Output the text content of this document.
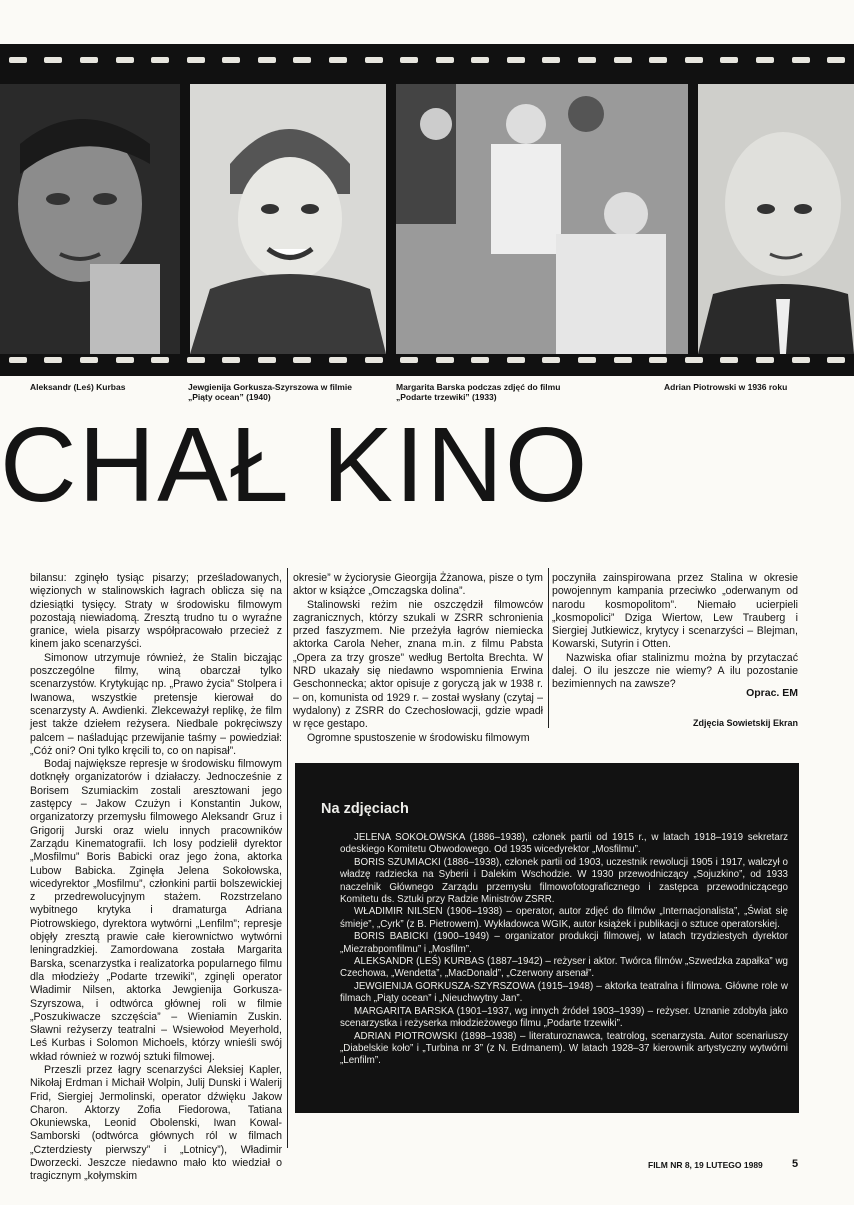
Aleksandr (Leś) Kurbas	Jewgienija Gorkusza-Szyrszowa w filmie
„Piąty ocean” (1940)
Margarita Barska podczas zdjęć do filmu
„Podarte trzewiki” (1933)
Adrian Piotrowski w 1936 roku
CHAŁ KINO

bilansu: zginęło tysiąc pisarzy; prześladowanych, więzionych w stalinowskich łagrach oblicza się na dziesiątki tysięcy. Straty w środowisku filmowym pozostają niewiadomą. Zresztą trudno tu o wyraźne granice, wiela pisarzy współpracowało przecież z kinem jako scenarzyści.

Simonow utrzymuje również, że Stalin bicząjąc poszczególne filmy, winą obarczał tylko scenarzystów. Krytykując np. „Prawo życia” Stolpera i Iwanowa, wszystkie pretensje kierował do scenarzysty A. Awdienki. Zlekceważył replikę, że film jest także dziełem reżysera. Niedbale pokręciwszy palcem – naśladując przewijanie taśmy – powiedział: „Cóż oni? Oni tylko kręcili to, co on napisał”.

Bodaj największe represje w środowisku filmowym dotknęły organizatorów i działaczy. Jednocześnie z Borisem Szumiackim zostali aresztowani jego zastępcy – Jakow Czużyn i Konstantin Jukow, organizatorzy przemysłu filmowego Aleksandr Gruz i Grigorij Jurski oraz wielu innych pracowników Zarządu Kinematografii. Ich losy podzielił dyrektor „Mosfilmu” Boris Babicki oraz jego żona, aktorka Lubow Babicka. Zginęła Jelena Sokołowska, wicedyrektor „Mosfilmu”, członkini partii bolszewickiej z przedrewolucyjnym stażem. Rozstrzelano wybitnego krytyka i dramaturga Adriana Piotrowskiego, dyrektora wytwórni „Lenfilm”; represje objęły zresztą prawie całe kierownictwo wytwórni leningradzkiej. Zamordowana została Margarita Barska, scenarzystka i realizatorka popularnego filmu dla młodzieży „Podarte trzewiki”, zginęli operator Władimir Nilsen, aktorka Jewgienija Gorkusza-Szyrszowa, i odtwórca głównej roli w filmie „Poszukiwacze szczęścia” – Wieniamin Zuskin. Sławni reżyserzy teatralni – Wsiewołod Meyerhold, Leś Kurbas i Solomon Michoels, którzy wnieśli swój wkład również w rozwój sztuki filmowej.

Przeszli przez łagry scenarzyści Aleksiej Kapler, Nikołaj Erdman i Michaił Wolpin, Julij Dunski i Walerij Frid, Siergiej Jermolinski, operator dźwięku Jakow Charon. Aktorzy Zofia Fiedorowa, Tatiana Okuniewska, Leonid Obolenski, Iwan Kowal-Samborski (odtwórca głównych ról w filmach „Czterdziesty pierwszy” i „Lotnicy”), Władimir Dworzecki. Jeszcze niedawno mało kto wiedział o tragicznym „kołymskim

okresie” w życiorysie Gieorgija Żżanowa, pisze o tym aktor w książce „Omczagska dolina”.

Stalinowski reżim nie oszczędził filmowców zagranicznych, którzy szukali w ZSRR schronienia przed faszyzmem. Nie przeżyła łagrów niemiecka aktorka Carola Neher, znana m.in. z filmu Pabsta „Opera za trzy grosze” według Bertolta Brechta. W NRD ukazały się niedawno wspomnienia Erwina Geschonnecka; aktor opisuje z goryczą jak w 1938 r. – on, komunista od 1929 r. – został wysłany (czytaj – wydalony) z ZSRR do Czechosłowacji, gdzie wpadł w ręce gestapo.

Ogromne spustoszenie w środowisku filmowym

poczyniła zainspirowana przez Stalina w okresie powojennym kampania przeciwko „oderwanym od narodu kosmopolitom”. Niemało ucierpieli „kosmopolici” Dziga Wiertow, Lew Trauberg i Siergiej Jutkiewicz, krytycy i scenarzyści – Blejman, Kowarski, Sutyrin i Otten.

Nazwiska ofiar stalinizmu można by przytaczać dalej. O ilu jeszcze nie wiemy? A ilu pozostanie bezimiennych na zawsze?

Oprac. EM
Zdjęcia Sowietskij Ekran
Na zdjęciach

JELENA SOKOŁOWSKA (1886–1938), członek partii od 1915 r., w latach 1918–1919 sekretarz odeskiego Komitetu Obwodowego. Od 1935 wicedyrektor „Mosfilmu”.

BORIS SZUMIACKI (1886–1938), członek partii od 1903, uczestnik rewolucji 1905 i 1917, walczył o władzę radziecka na Syberii i Dalekim Wschodzie. W 1930 przewodniczący „Sojuzkino”, od 1933 naczelnik Głównego Zarządu przemysłu filmowofotograficznego i zastępca przewodniczącego Komitetu ds. Sztuki przy Radzie Ministrów ZSRR.

WŁADIMIR NILSEN (1906–1938) – operator, autor zdjęć do filmów „Internacjonalista”, „Świat się śmieje”, „Cyrk” (z B. Pietrowem). Wykładowca WGIK, autor książek i publikacji o sztuce operatorskiej.

BORIS BABICKI (1900–1949) – organizator produkcji filmowej, w latach trzydziestych dyrektor „Miezrabpomfilmu” i „Mosfilm”.

ALEKSANDR (LEŚ) KURBAS (1887–1942) – reżyser i aktor. Twórca filmów „Szwedzka zapałka” wg Czechowa, „Wendetta”, „MacDonald”, „Czerwony arsenał”.

JEWGIENIJA GORKUSZA-SZYRSZOWA (1915–1948) – aktorka teatralna i filmowa. Główne role w filmach „Piąty ocean” i „Nieuchwytny Jan”.

MARGARITA BARSKA (1901–1937, wg innych źródeł 1903–1939) – reżyser. Uznanie zdobyła jako scenarzystka i reżyserka młodzieżowego filmu „Podarte trzewiki”.

ADRIAN PIOTROWSKI (1898–1938) – literaturoznawca, teatrolog, scenarzysta. Autor scenariuszy „Diabelskie koło” i „Turbina nr 3” (z N. Erdmanem). W latach 1928–37 kierownik artystyczny wytwórni „Lenfilm”.

FILM NR 8, 19 LUTEGO 1989	5
